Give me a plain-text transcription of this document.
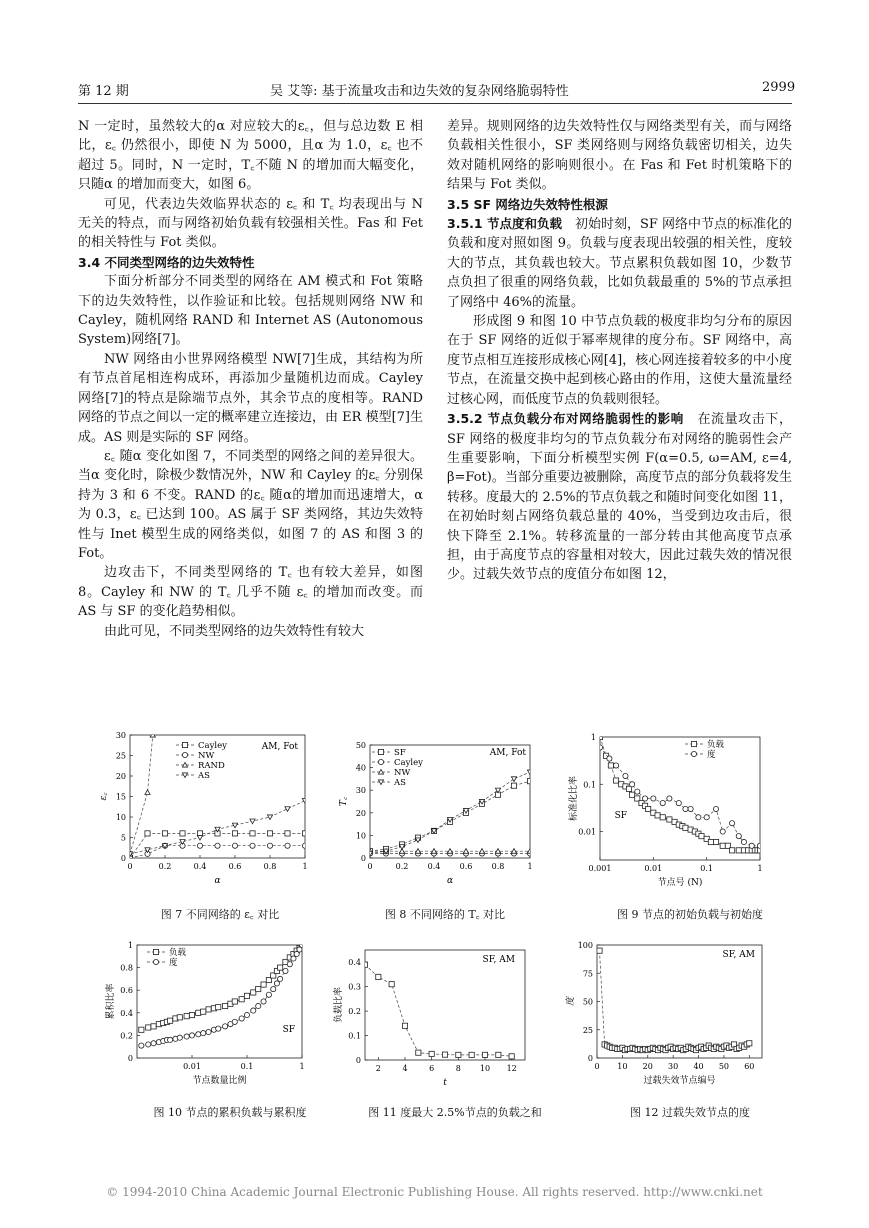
第 12 期	吴 艾等: 基于流量攻击和边失效的复杂网络脆弱特性	2999

N 一定时，虽然较大的α 对应较大的ε꜀，但与总边数 E 相比，ε꜀ 仍然很小，即使 N 为 5000，且α 为 1.0，ε꜀ 也不超过 5。同时，N 一定时，T꜀不随 N 的增加而大幅变化，只随α 的增加而变大，如图 6。

可见，代表边失效临界状态的 ε꜀ 和 T꜀ 均表现出与 N 无关的特点，而与网络初始负载有较强相关性。Fas 和 Fet 的相关特性与 Fot 类似。

3.4 不同类型网络的边失效特性

下面分析部分不同类型的网络在 AM 模式和 Fot 策略下的边失效特性，以作验证和比较。包括规则网络 NW 和 Cayley，随机网络 RAND 和 Internet AS (Autonomous System)网络[7]。

NW 网络由小世界网络模型 NW[7]生成，其结构为所有节点首尾相连构成环，再添加少量随机边而成。Cayley 网络[7]的特点是除端节点外，其余节点的度相等。RAND 网络的节点之间以一定的概率建立连接边，由 ER 模型[7]生成。AS 则是实际的 SF 网络。

ε꜀ 随α 变化如图 7，不同类型的网络之间的差异很大。当α 变化时，除极少数情况外，NW 和 Cayley 的ε꜀ 分别保持为 3 和 6 不变。RAND 的ε꜀ 随α的增加而迅速增大，α 为 0.3，ε꜀ 已达到 100。AS 属于 SF 类网络，其边失效特性与 Inet 模型生成的网络类似，如图 7 的 AS 和图 3 的 Fot。

边攻击下，不同类型网络的 T꜀ 也有较大差异，如图 8。Cayley 和 NW 的 T꜀ 几乎不随 ε꜀ 的增加而改变。而 AS 与 SF 的变化趋势相似。

由此可见，不同类型网络的边失效特性有较大

差异。规则网络的边失效特性仅与网络类型有关，而与网络负载相关性很小，SF 类网络则与网络负载密切相关，边失效对随机网络的影响则很小。在 Fas 和 Fet 时机策略下的结果与 Fot 类似。

3.5 SF 网络边失效特性根源

3.5.1 节点度和负载　初始时刻，SF 网络中节点的标准化的负载和度对照如图 9。负载与度表现出较强的相关性，度较大的节点，其负载也较大。节点累积负载如图 10，少数节点负担了很重的网络负载，比如负载最重的 5%的节点承担了网络中 46%的流量。

形成图 9 和图 10 中节点负载的极度非均匀分布的原因在于 SF 网络的近似于幂率规律的度分布。SF 网络中，高度节点相互连接形成核心网[4]，核心网连接着较多的中小度节点，在流量交换中起到核心路由的作用，这使大量流量经过核心网，而低度节点的负载则很轻。

3.5.2 节点负载分布对网络脆弱性的影响　在流量攻击下，SF 网络的极度非均匀的节点负载分布对网络的脆弱性会产生重要影响，下面分析模型实例 F(α=0.5, ω=AM, ε=4, β=Fot)。当部分重要边被删除，高度节点的部分负载将发生转移。度最大的 2.5%的节点负载之和随时间变化如图 11，在初始时刻占网络负载总量的 40%，当受到边攻击后，很快下降至 2.1%。转移流量的一部分转由其他高度节点承担，由于高度节点的容量相对较大，因此过载失效的情况很少。过载失效节点的度值分布如图 12，

0	0.2	0.4	0.6	0.8	1
0
5
10
15
20
25
30
α
ε꜀
AM, Fot
Cayley
NW
RAND
AS
0	0.2 0.4 0.6 0.8	1
0
10
20
30
40
50
α
T꜀
AM, Fot
SF
Cayley
NW
AS
0.001	0.01	0.1	1
0.01
0.1
1
节点号 (N)
标准化比率	SF
负载
度
0.01	0.1	1
0
0.2
0.4
0.6
0.8
1
节点数量比例
累积比率
SF
负载
度
2	4	6	8 10 12
0
0.1
0.2
0.3
0.4
t
负载比率
SF, AM
0 10 20 30 40 50 60
0
25
50
75
100
过载失效节点编号
度
SF, AM
图 7 不同网络的 ε꜀ 对比	图 8 不同网络的 T꜀ 对比	图 9 节点的初始负载与初始度
图 10 节点的累积负载与累积度	图 11 度最大 2.5%节点的负载之和	图 12 过载失效节点的度
© 1994-2010 China Academic Journal Electronic Publishing House. All rights reserved. http://www.cnki.net
